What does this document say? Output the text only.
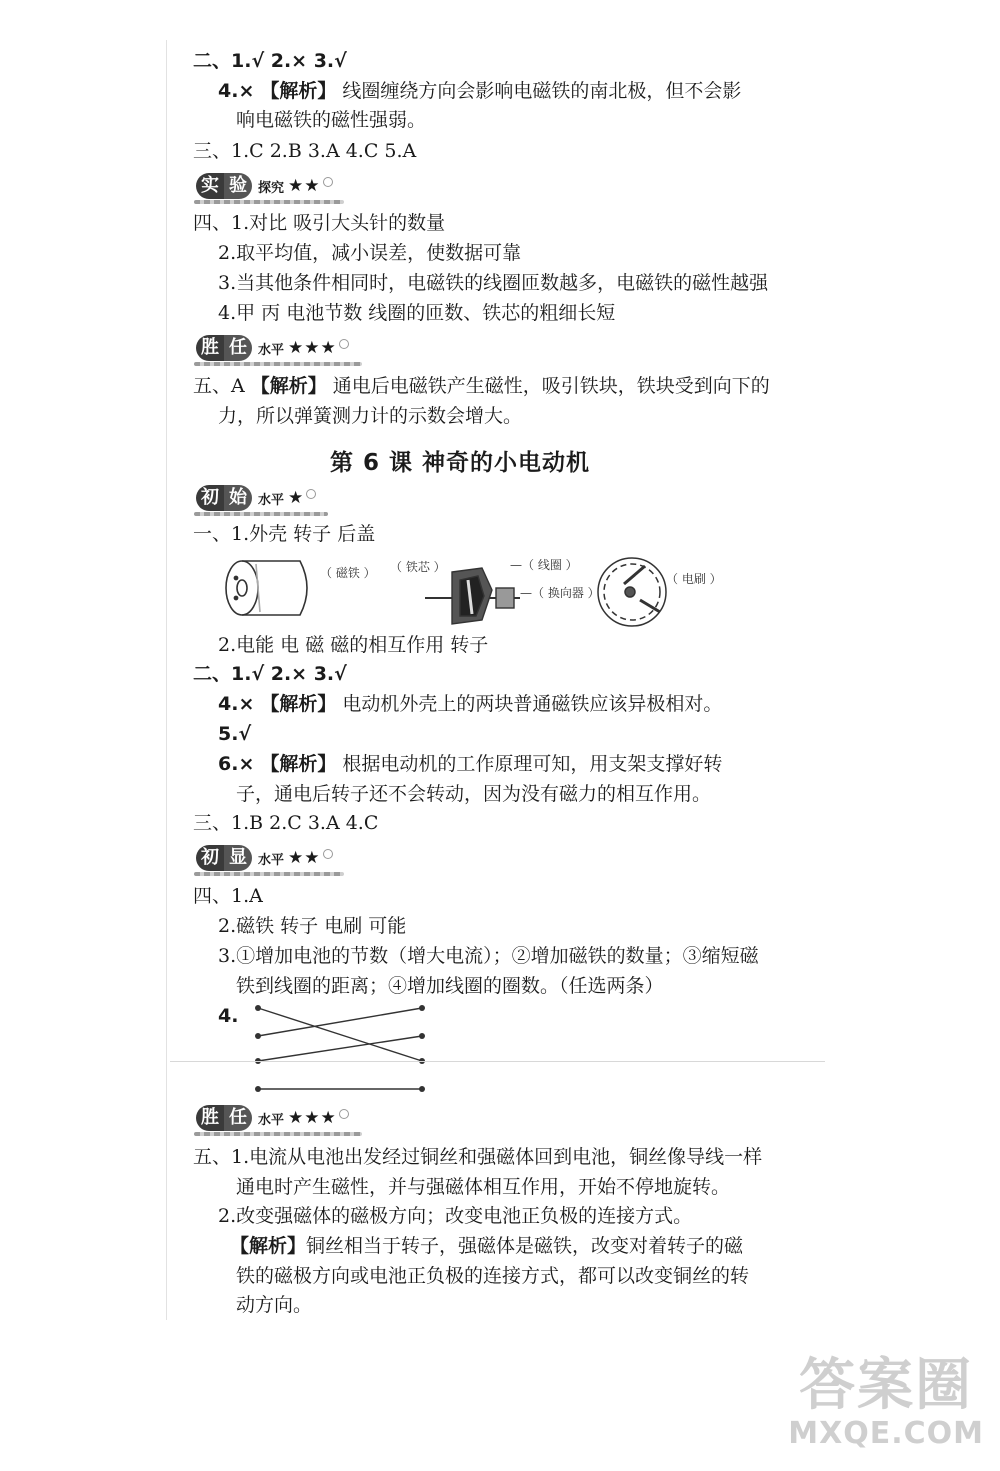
二、1.√ 2.× 3.√
4.× 【解析】 线圈缠绕方向会影响电磁铁的南北极，但不会影
响电磁铁的磁性强弱。
三、1.C 2.B 3.A 4.C 5.A
实 验 探究 ★★
四、1.对比 吸引大头针的数量
2.取平均值，减小误差，使数据可靠
3.当其他条件相同时，电磁铁的线圈匝数越多，电磁铁的磁性越强
4.甲 丙 电池节数 线圈的匝数、铁芯的粗细长短
胜 任 水平 ★★★
五、A 【解析】 通电后电磁铁产生磁性，吸引铁块，铁块受到向下的
力，所以弹簧测力计的示数会增大。
第 6 课 神奇的小电动机
初 始 水平 ★
一、1.外壳 转子 后盖
（ 磁铁 ） （ 铁芯 ）	—（ 线圈 ）
—（ 换向器 ）
（ 电刷 ）
2.电能 电 磁 磁的相互作用 转子
二、1.√ 2.× 3.√
4.× 【解析】 电动机外壳上的两块普通磁铁应该异极相对。
5.√
6.× 【解析】 根据电动机的工作原理可知，用支架支撑好转
子，通电后转子还不会转动，因为没有磁力的相互作用。
三、1.B 2.C 3.A 4.C
初 显 水平 ★★
四、1.A
2.磁铁 转子 电刷 可能
3.①增加电池的节数（增大电流）；②增加磁铁的数量；③缩短磁
铁到线圈的距离；④增加线圈的圈数。（任选两条）
4.
胜 任 水平 ★★★
五、1.电流从电池出发经过铜丝和强磁体回到电池，铜丝像导线一样
通电时产生磁性，并与强磁体相互作用，开始不停地旋转。
2.改变强磁体的磁极方向；改变电池正负极的连接方式。
【解析】铜丝相当于转子，强磁体是磁铁，改变对着转子的磁
铁的磁极方向或电池正负极的连接方式，都可以改变铜丝的转
动方向。
答案圈
MXQE.COM
